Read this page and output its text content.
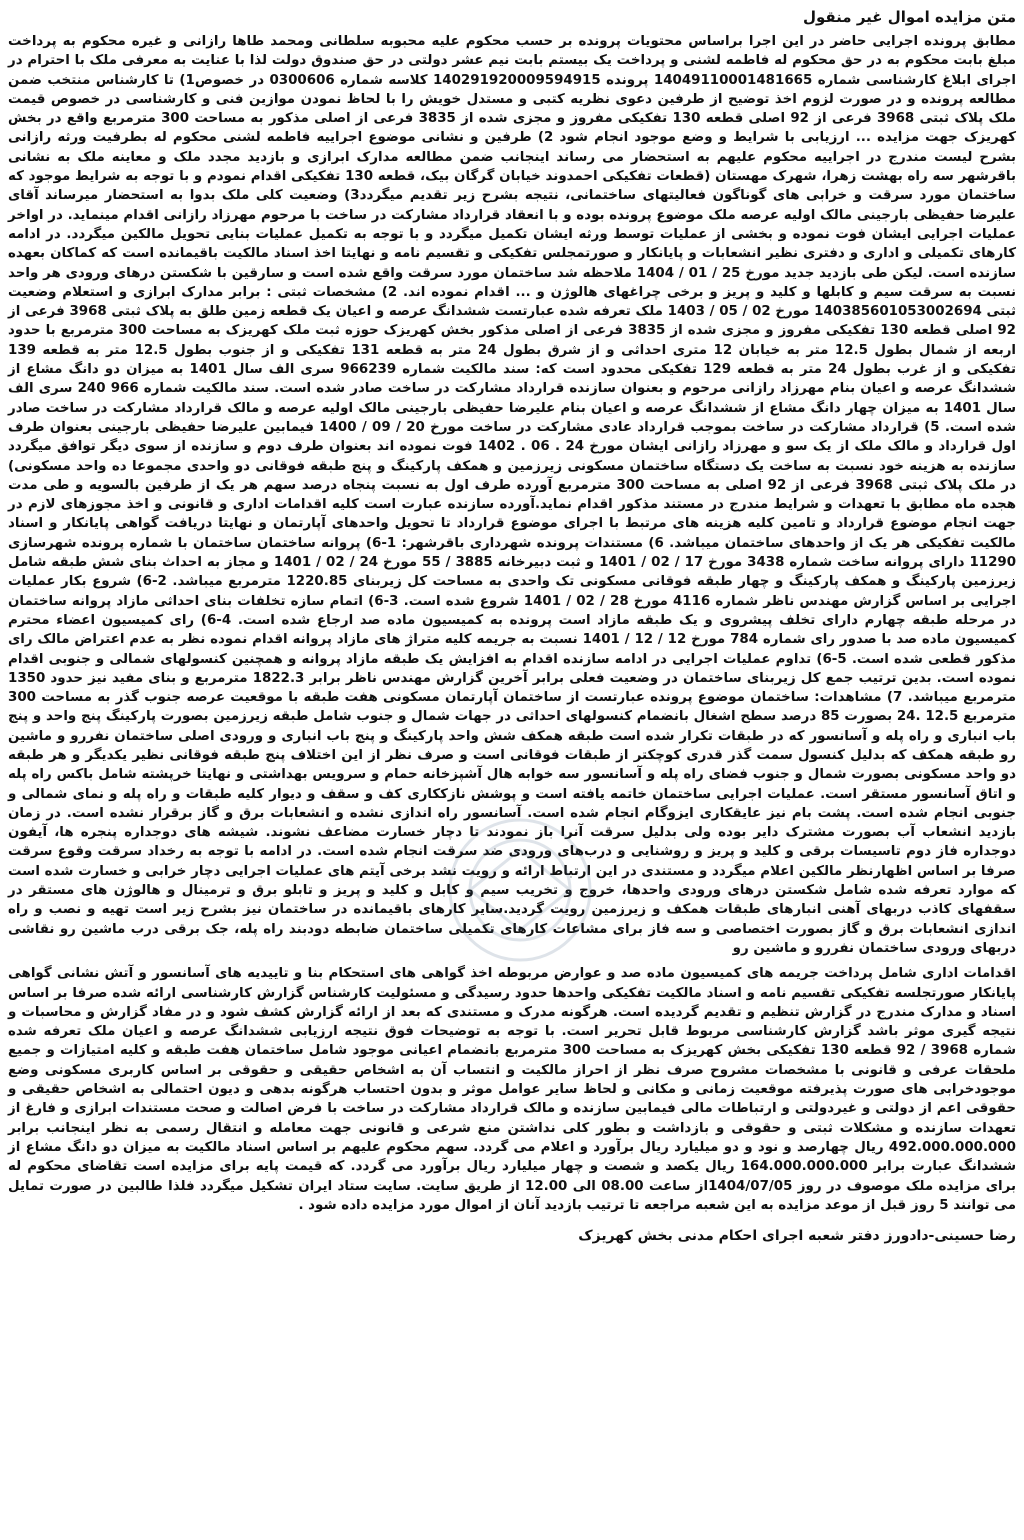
متن مزایده اموال غیر منقول

مطابق پرونده اجرایی حاضر در این اجرا براساس محتویات پرونده بر حسب محکوم علیه محبوبه سلطانی ومحمد طاها رازانی و غیره محکوم به پرداخت مبلغ بابت محکوم به در حق محکوم له فاطمه لشنی و پرداخت یک بیستم بابت نیم عشر دولتی در حق صندوق دولت لذا با عنایت به معرفی ملک با احترام در اجرای ابلاغ کارشناسی شماره 14049110001481665 پرونده 140291920009594915 کلاسه شماره 0300606 در خصوص1) تا کارشناس منتخب ضمن مطالعه پرونده و در صورت لزوم اخذ توضیح از طرفین دعوی نظریه کتبی و مستدل خویش را با لحاظ نمودن موازین فنی و کارشناسی در خصوص قیمت ملک پلاک ثبتی 3968 فرعی از 92 اصلی قطعه 130 تفکیکی مفروز و مجزی شده از 3835 فرعی از اصلی مذکور به مساحت 300 مترمربع واقع در بخش کهریزک جهت مزایده ... ارزیابی با شرایط و وضع موجود انجام شود 2) طرفین و نشانی موضوع اجراییه فاطمه لشنی محکوم له بطرفیت ورثه رازانی بشرح لیست مندرج در اجراییه محکوم علیهم به استحضار می رساند اینجانب ضمن مطالعه مدارک ابرازی و بازدید مجدد ملک و معاینه ملک به نشانی باقرشهر سه راه بهشت زهرا، شهرک مهستان (قطعات تفکیکی احمدوند خیابان گرگان بیک، قطعه 130 تفکیکی اقدام نمودم و با توجه به شرایط موجود که ساختمان مورد سرقت و خرابی های گوناگون فعالیتهای ساختمانی، نتیجه بشرح زیر تقدیم میگردد3) وضعیت کلی ملک بدوا به استحضار میرساند آقای علیرضا حفیظی بارجینی مالک اولیه عرصه ملک موضوع پرونده بوده و با انعقاد قرارداد مشارکت در ساخت با مرحوم مهرزاد رازانی اقدام مینماید. در اواخر عملیات اجرایی ایشان فوت نموده و بخشی از عملیات توسط ورثه ایشان تکمیل میگردد و با توجه به تکمیل عملیات بنایی تحویل مالکین میگردد. در ادامه کارهای تکمیلی و اداری و دفتری نظیر انشعابات و پایانکار و صورتمجلس تفکیکی و تقسیم نامه و نهایتا اخذ اسناد مالکیت باقیمانده است که کماکان بعهده سازنده است. لیکن طی بازدید جدید مورخ 25 / 01 / 1404 ملاحظه شد ساختمان مورد سرقت واقع شده است و سارقین با شکستن درهای ورودی هر واحد نسبت به سرقت سیم و کابلها و کلید و پریز و برخی چراغهای هالوژن و ... اقدام نموده اند. 2) مشخصات ثبتی : برابر مدارک ابرازی و استعلام وضعیت ثبتی 140385601053002694 مورخ 02 / 05 / 1403 ملک تعرفه شده عبارتست ششدانگ عرصه و اعیان یک قطعه زمین طلق به پلاک ثبتی 3968 فرعی از 92 اصلی قطعه 130 تفکیکی مفروز و مجزی شده از 3835 فرعی از اصلی مذکور بخش کهریزک حوزه ثبت ملک کهریزک به مساحت 300 مترمربع با حدود اربعه از شمال بطول 12.5 متر به خیابان 12 متری احداثی و از شرق بطول 24 متر به قطعه 131 تفکیکی و از جنوب بطول 12.5 متر به قطعه 139 تفکیکی و از غرب بطول 24 متر به قطعه 129 تفکیکی محدود است که: سند مالکیت شماره 966239 سری الف سال 1401 به میزان دو دانگ مشاع از ششدانگ عرصه و اعیان بنام مهرزاد رازانی مرحوم و بعنوان سازنده قرارداد مشارکت در ساخت صادر شده است. سند مالکیت شماره 966 240 سری الف سال 1401 به میزان چهار دانگ مشاع از ششدانگ عرصه و اعیان بنام علیرضا حفیظی بارجینی مالک اولیه عرصه و مالک قرارداد مشارکت در ساخت صادر شده است. 5) قرارداد مشارکت در ساخت بموجب قرارداد عادی مشارکت در ساخت مورخ 20 / 09 / 1400 فیمابین علیرضا حفیظی بارجینی بعنوان طرف اول قرارداد و مالک ملک از یک سو و مهرزاد رازانی ایشان مورخ 24 . 06 . 1402 فوت نموده اند بعنوان طرف دوم و سازنده از سوی دیگر توافق میگردد سازنده به هزینه خود نسبت به ساخت یک دستگاه ساختمان مسکونی زیرزمین و همکف پارکینگ و پنج طبقه فوقانی دو واحدی مجموعا ده واحد مسکونی) در ملک پلاک ثبتی 3968 فرعی از 92 اصلی به مساحت 300 مترمربع آورده طرف اول به نسبت پنجاه درصد سهم هر یک از طرفین بالسویه و طی مدت هجده ماه مطابق با تعهدات و شرایط مندرج در مستند مذکور اقدام نماید.آورده سازنده عبارت است کلیه اقدامات اداری و قانونی و اخذ مجوزهای لازم در جهت انجام موضوع قرارداد و تامین کلیه هزینه های مرتبط با اجرای موضوع قرارداد تا تحویل واحدهای آپارتمان و نهایتا دریافت گواهی پایانکار و اسناد مالکیت تفکیکی هر یک از واحدهای ساختمان میباشد. 6) مستندات پرونده شهرداری باقرشهر: 1-6) پروانه ساختمان ساختمان با شماره پرونده شهرسازی 11290 دارای پروانه ساخت شماره 3438 مورخ 17 / 02 / 1401 و ثبت دبیرخانه 3885 / 55 مورخ 24 / 02 / 1401 و مجاز به احداث بنای شش طبقه شامل زیرزمین پارکینگ و همکف پارکینگ و چهار طبقه فوقانی مسکونی تک واحدی به مساحت کل زیربنای 1220.85 مترمربع میباشد. 2-6) شروع بکار عملیات اجرایی بر اساس گزارش مهندس ناظر شماره 4116 مورخ 28 / 02 / 1401 شروع شده است. 3-6) اتمام سازه تخلفات بنای احداثی مازاد پروانه ساختمان در مرحله طبقه چهارم دارای تخلف پیشروی و یک طبقه مازاد است پرونده به کمیسیون ماده صد ارجاع شده است. 4-6) رای کمیسیون اعضاء محترم کمیسیون ماده صد با صدور رای شماره 784 مورخ 12 / 12 / 1401 نسبت به جریمه کلیه متراژ های مازاد پروانه اقدام نموده نظر به عدم اعتراض مالک رای مذکور قطعی شده است. 5-6) تداوم عملیات اجرایی در ادامه سازنده اقدام به افزایش یک طبقه مازاد پروانه و همچنین کنسولهای شمالی و جنوبی اقدام نموده است. بدین ترتیب جمع کل زیربنای ساختمان در وضعیت فعلی برابر آخرین گزارش مهندس ناظر برابر 1822.3 مترمربع و بنای مفید نیز حدود 1350 مترمربع میباشد. 7) مشاهدات: ساختمان موضوع پرونده عبارتست از ساختمان آپارتمان مسکونی هفت طبقه با موقعیت عرصه جنوب گذر به مساحت 300 مترمربع 12.5 .24 بصورت 85 درصد سطح اشغال بانضمام کنسولهای احداثی در جهات شمال و جنوب شامل طبقه زیرزمین بصورت پارکینگ پنج واحد و پنج باب انباری و راه پله و آسانسور که در طبقات تکرار شده است طبقه همکف شش واحد پارکینگ و پنج باب انباری و ورودی اصلی ساختمان نفررو و ماشین رو طبقه همکف که بدلیل کنسول سمت گذر قدری کوچکتر از طبقات فوقانی است و صرف نظر از این اختلاف پنج طبقه فوقانی نظیر یکدیگر و هر طبقه دو واحد مسکونی بصورت شمال و جنوب فضای راه پله و آسانسور سه خوابه هال آشپزخانه حمام و سرویس بهداشتی و نهایتا خرپشته شامل باکس راه پله و اتاق آسانسور مستقر است. عملیات اجرایی ساختمان خاتمه یافته است و پوشش نازککاری کف و سقف و دیوار کلیه طبقات و راه پله و نمای شمالی و جنوبی انجام شده است. پشت بام نیز عایقکاری ایزوگام انجام شده است. آسانسور راه اندازی نشده و انشعابات برق و گاز برقرار نشده است. در زمان بازدید انشعاب آب بصورت مشترک دایر بوده ولی بدلیل سرقت آنرا باز نمودند تا دچار خسارت مضاعف نشوند. شیشه های دوجداره پنجره ها، آیفون دوجداره فاز دوم تاسیسات برقی و کلید و پریز و روشنایی و درب‌های ورودی ضد سرقت انجام شده است. در ادامه با توجه به رخداد سرقت وقوع سرقت صرفا بر اساس اظهارنظر مالکین اعلام میگردد و مستندی در این ارتباط ارائه و رویت نشد برخی آیتم های عملیات اجرایی دچار خرابی و خسارت شده است که موارد تعرفه شده شامل شکستن درهای ورودی واحدها، خروج و تخریب سیم و کابل و کلید و پریز و تابلو برق و ترمینال و هالوژن های مستقر در سقفهای کاذب دربهای آهنی انبارهای طبقات همکف و زیرزمین رویت گردید.سایر کارهای باقیمانده در ساختمان نیز بشرح زیر است تهیه و نصب و راه اندازی انشعابات برق و گاز بصورت اختصاصی و سه فاز برای مشاعات کارهای تکمیلی ساختمان ضابطه دودبند راه پله، جک برقی درب ماشین رو نقاشی دربهای ورودی ساختمان نفررو و ماشین رو

اقدامات اداری شامل پرداخت جریمه های کمیسیون ماده صد و عوارض مربوطه اخذ گواهی های استحکام بنا و تاییدیه های آسانسور و آتش نشانی گواهی پایانکار صورتجلسه تفکیکی تقسیم نامه و اسناد مالکیت تفکیکی واحدها حدود رسیدگی و مسئولیت کارشناس گزارش کارشناسی ارائه شده صرفا بر اساس اسناد و مدارک مندرج در گزارش تنظیم و تقدیم گردیده است. هرگونه مدرک و مستندی که بعد از ارائه گزارش کشف شود و در مفاد گزارش و محاسبات و نتیجه گیری موثر باشد گزارش کارشناسی مربوط قابل تحریر است. با توجه به توضیحات فوق نتیجه ارزیابی ششدانگ عرصه و اعیان ملک تعرفه شده شماره 3968 / 92 قطعه 130 تفکیکی بخش کهریزک به مساحت 300 مترمربع بانضمام اعیانی موجود شامل ساختمان هفت طبقه و کلیه امتیازات و جمیع ملحقات عرفی و قانونی با مشخصات مشروح صرف نظر از احراز مالکیت و انتساب آن به اشخاص حقیقی و حقوقی بر اساس کاربری مسکونی وضع موجودخرابی های صورت پذیرفته موقعیت زمانی و مکانی و لحاظ سایر عوامل موثر و بدون احتساب هرگونه بدهی و دیون احتمالی به اشخاص حقیقی و حقوقی اعم از دولتی و غیردولتی و ارتباطات مالی فیمابین سازنده و مالک قرارداد مشارکت در ساخت با فرض اصالت و صحت مستندات ابرازی و فارغ از تعهدات سازنده و مشکلات ثبتی و حقوقی و بازداشت و بطور کلی نداشتن منع شرعی و قانونی جهت معامله و انتقال رسمی به نظر اینجانب برابر 492.000.000.000 ریال چهارصد و نود و دو میلیارد ریال برآورد و اعلام می گردد. سهم محکوم علیهم بر اساس اسناد مالکیت به میزان دو دانگ مشاع از ششدانگ عبارت برابر 164.000.000.000 ریال یکصد و شصت و چهار میلیارد ریال برآورد می گردد. که قیمت پایه برای مزایده است تقاضای محکوم له برای مزایده ملک موصوف در روز 1404/07/05از ساعت 08.00 الی 12.00 از طریق سایت. سایت ستاد ایران تشکیل میگردد فلذا طالبین در صورت تمایل می توانند 5 روز قبل از موعد مزایده به این شعبه مراجعه تا ترتیب بازدید آنان از اموال مورد مزایده داده شود .

رضا حسینی-دادورز دفتر شعبه اجرای احکام مدنی بخش کهریزک
